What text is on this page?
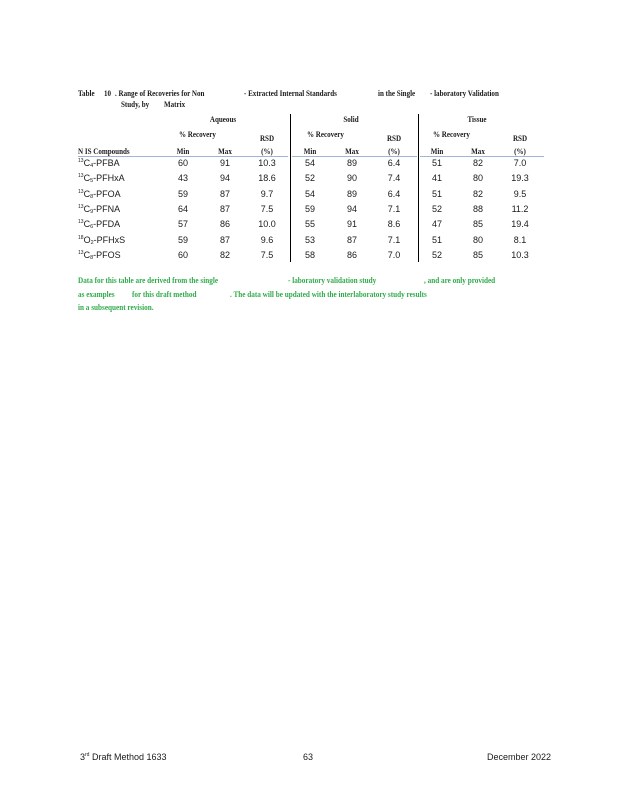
Table 10 . Range of Recoveries for Non	- Extracted Internal Standards	in the Single - laboratory Validation
Study, by Matrix
Aqueous	Solid	Tissue
% Recovery	% Recovery	% Recovery
RSD	RSD	RSD
N IS Compounds	Min	Max	(%)	Min	Max	(%)	Min	Max	(%)
$^{13}C_4$-PFBA	60	91	10.3	54	89	6.4	51	82	7.0
$^{13}C_5$-PFHxA	43	94	18.6	52	90	7.4	41	80	19.3
$^{13}C_8$-PFOA	59	87	9.7	54	89	6.4	51	82	9.5
$^{13}C_9$-PFNA	64	87	7.5	59	94	7.1	52	88	11.2
$^{13}C_6$-PFDA	57	86	10.0	55	91	8.6	47	85	19.4
$^{18}O_2$-PFHxS	59	87	9.6	53	87	7.1	51	80	8.1
$^{13}C_8$-PFOS	60	82	7.5	58	86	7.0	52	85	10.3
Data for this table are derived from the single	- laboratory validation study	, and are only provided
as examples for this draft method	. The data will be updated with the interlaboratory study results
in a subsequent revision.
3rd Draft Method 1633	63	December 2022
